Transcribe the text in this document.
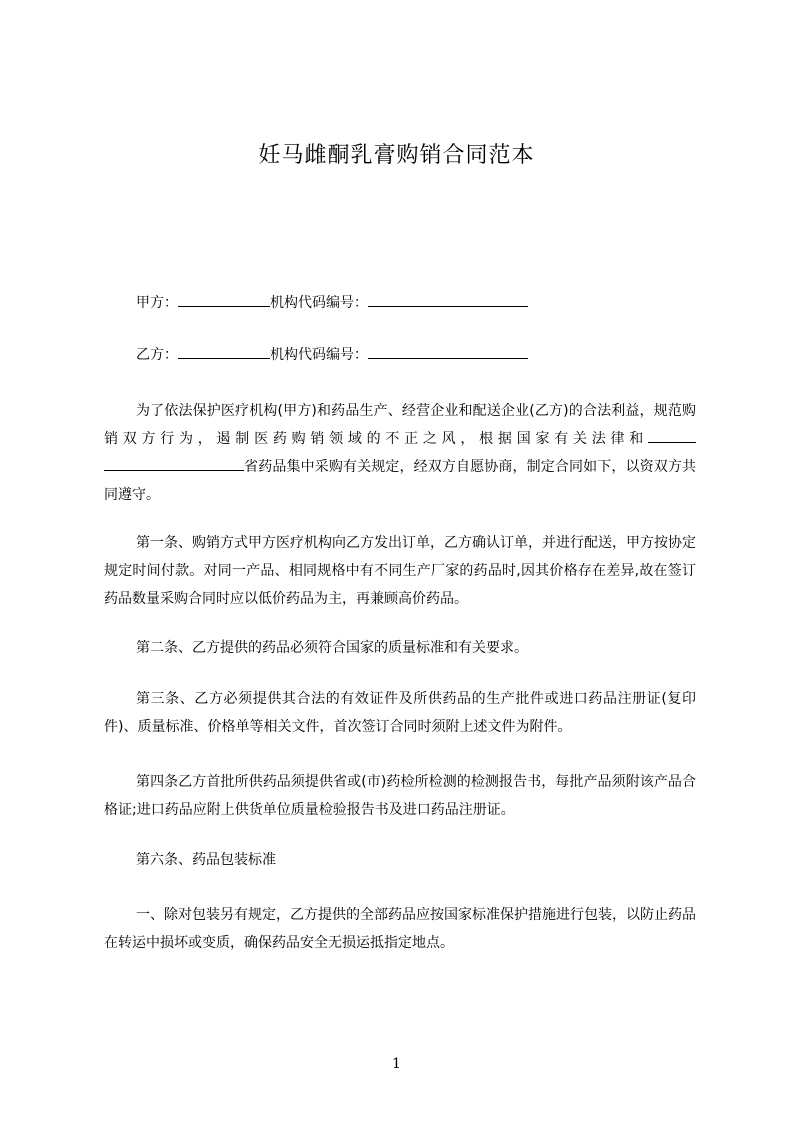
妊马雌酮乳膏购销合同范本
甲方：	机构代码编号：
乙方：	机构代码编号：

为了依法保护医疗机构(甲方)和药品生产、经营企业和配送企业(乙方)的合法利益，规范购销双方行为，遏制医药购销领域的不正之风，根据国家有关法律和省药品集中采购有关规定，经双方自愿协商，制定合同如下，以资双方共同遵守。

第一条、购销方式甲方医疗机构向乙方发出订单，乙方确认订单，并进行配送，甲方按协定规定时间付款。对同一产品、相同规格中有不同生产厂家的药品时,因其价格存在差异,故在签订药品数量采购合同时应以低价药品为主，再兼顾高价药品。

第二条、乙方提供的药品必须符合国家的质量标准和有关要求。

第三条、乙方必须提供其合法的有效证件及所供药品的生产批件或进口药品注册证(复印件)、质量标准、价格单等相关文件，首次签订合同时须附上述文件为附件。

第四条乙方首批所供药品须提供省或(市)药检所检测的检测报告书，每批产品须附该产品合格证;进口药品应附上供货单位质量检验报告书及进口药品注册证。

第六条、药品包装标准

一、除对包装另有规定，乙方提供的全部药品应按国家标准保护措施进行包装，以防止药品在转运中损坏或变质，确保药品安全无损运抵指定地点。

1
